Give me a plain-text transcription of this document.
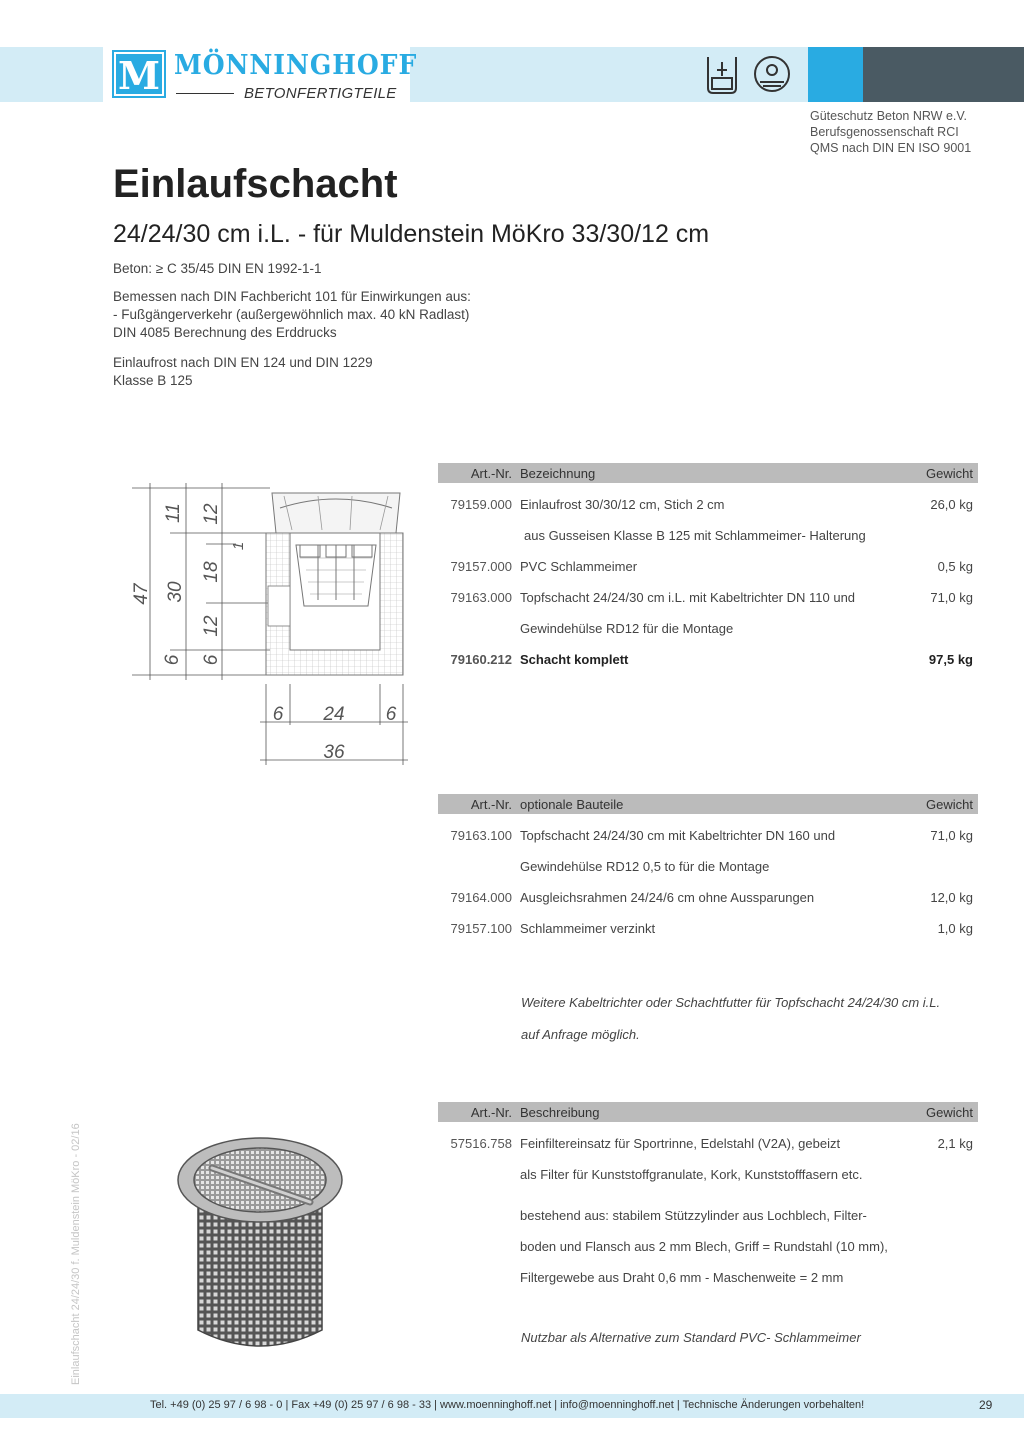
M MÖNNINGHOFF
BETONFERTIGTEILE
Güteschutz Beton NRW e.V.
Berufsgenossenschaft RCI
QMS nach DIN EN ISO 9001
Einlaufschacht
24/24/30 cm i.L. - für Muldenstein MöKro 33/30/12 cm
Beton: ≥ C 35/45 DIN EN 1992-1-1
Bemessen nach DIN Fachbericht 101 für Einwirkungen aus:
- Fußgängerverkehr (außergewöhnlich max. 40 kN Radlast)
DIN 4085 Berechnung des Erddrucks
Einlaufrost nach DIN EN 124 und DIN 1229
Klasse B 125
47
11
30
6
12
1
18
12
6
6 24 6
36
Art.-Nr. Bezeichnung	Gewicht
79159.000 Einlaufrost 30/30/12 cm, Stich 2 cm	26,0 kg
aus Gusseisen Klasse B 125 mit Schlammeimer- Halterung
79157.000 PVC Schlammeimer	0,5 kg
79163.000 Topfschacht 24/24/30 cm i.L. mit Kabeltrichter DN 110 und	71,0 kg
Gewindehülse RD12 für die Montage
79160.212 Schacht komplett	97,5 kg
Art.-Nr. optionale Bauteile	Gewicht
79163.100 Topfschacht 24/24/30 cm mit Kabeltrichter DN 160 und	71,0 kg
Gewindehülse RD12 0,5 to für die Montage
79164.000 Ausgleichsrahmen 24/24/6 cm ohne Aussparungen	12,0 kg
79157.100 Schlammeimer verzinkt	1,0 kg
Weitere Kabeltrichter oder Schachtfutter für Topfschacht 24/24/30 cm i.L.
auf Anfrage möglich.
Art.-Nr. Beschreibung	Gewicht
57516.758 Feinfiltereinsatz für Sportrinne, Edelstahl (V2A), gebeizt	2,1 kg
als Filter für Kunststoffgranulate, Kork, Kunststofffasern etc.
bestehend aus: stabilem Stützzylinder aus Lochblech, Filter-
boden und Flansch aus 2 mm Blech, Griff = Rundstahl (10 mm),
Filtergewebe aus Draht 0,6 mm - Maschenweite = 2 mm
Nutzbar als Alternative zum Standard PVC- Schlammeimer
Einlaufschacht 24/24/30 f. Muldenstein MöKro - 02/16
Tel. +49 (0) 25 97 / 6 98 - 0 | Fax +49 (0) 25 97 / 6 98 - 33 | www.moenninghoff.net | info@moenninghoff.net | Technische Änderungen vorbehalten!	29
